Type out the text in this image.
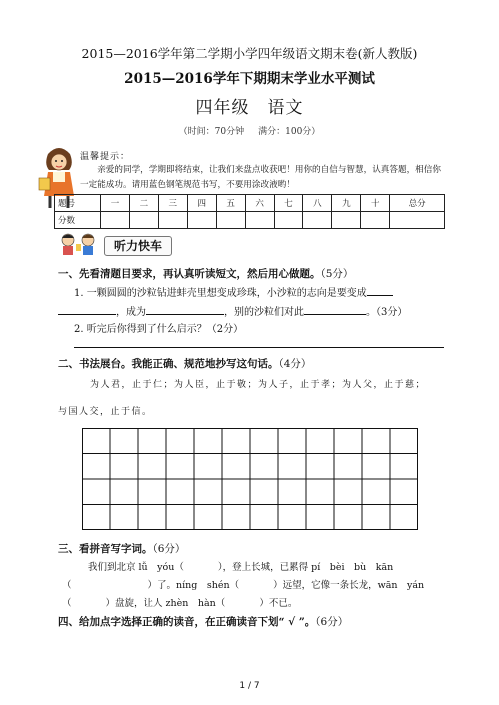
2015—2016学年第二学期小学四年级语文期末卷(新人教版)
2015—2016学年下期期末学业水平测试
四年级 语文
（时间：70分钟 满分：100分）
温馨提示：
亲爱的同学，学期即将结束，让我们来盘点收获吧！用你的自信与智慧，认真答题，相信你一定能成功。请用蓝色钢笔规范书写，不要用涂改液哟！
题号	一	二	三	四	五	六	七	八	九	十	总分
分数											
听力快车
一、先看清题目要求，再认真听读短文，然后用心做题。（5分）
1. 一颗圆圆的沙粒钻进蚌壳里想变成珍珠，小沙粒的志向是要变成
，成为	，别的沙粒们对此	。（3分）
2. 听完后你得到了什么启示？（2分）
二、书法展台。我能正确、规范地抄写这句话。（4分）
为人君，止于仁；为人臣，止于敬；为人子，止于孝；为人父，止于慈；
与国人交，止于信。
三、看拼音写字词。（6分）
我们到北京 lǚ　yóu（	），登上长城，已累得 pí　bèi　bù　kān
（	）了。níng　shén（	）远望，它像一条长龙，wān　yán
（	）盘旋，让人 zhèn　hàn（	）不已。
四、给加点字选择正确的读音，在正确读音下划“ √ ”。（6分）
1 / 7
